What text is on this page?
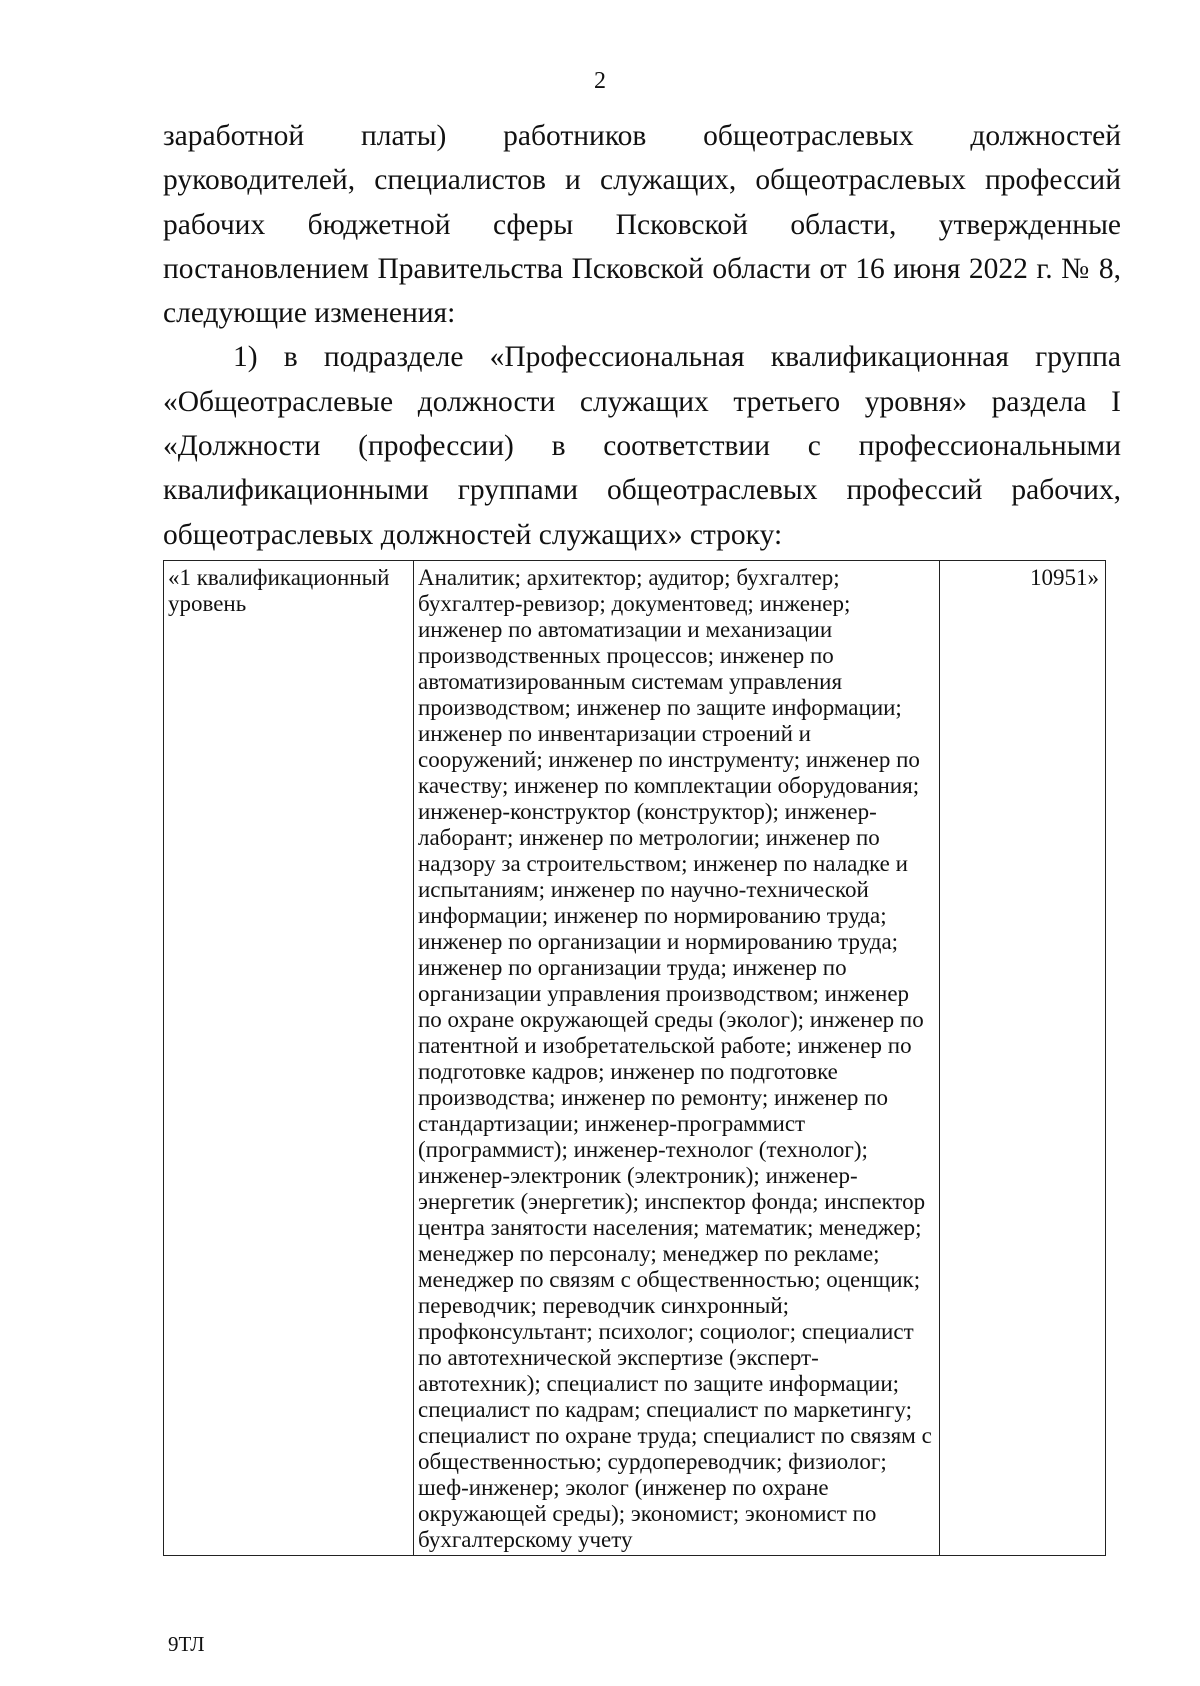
2

заработной платы) работников общеотраслевых должностей руководителей, специалистов и служащих, общеотраслевых профессий рабочих бюджетной сферы Псковской области, утвержденные постановлением Правительства Псковской области от 16 июня 2022 г. № 8, следующие изменения:

1) в подразделе «Профессиональная квалификационная группа «Общеотраслевые должности служащих третьего уровня» раздела I «Должности (профессии) в соответствии с профессиональными квалификационными группами общеотраслевых профессий рабочих, общеотраслевых должностей служащих» строку:

«1 квалификационный уровень	Аналитик; архитектор; аудитор; бухгалтер; бухгалтер-ревизор; документовед; инженер; инженер по автоматизации и механизации производственных процессов; инженер по автоматизированным системам управления производством; инженер по защите информации; инженер по инвентаризации строений и сооружений; инженер по инструменту; инженер по качеству; инженер по комплектации оборудования; инженер-конструктор (конструктор); инженер-лаборант; инженер по метрологии; инженер по надзору за строительством; инженер по наладке и испытаниям; инженер по научно-технической информации; инженер по нормированию труда; инженер по организации и нормированию труда; инженер по организации труда; инженер по организации управления производством; инженер по охране окружающей среды (эколог); инженер по патентной и изобретательской работе; инженер по подготовке кадров; инженер по подготовке производства; инженер по ремонту; инженер по стандартизации; инженер-программист (программист); инженер-технолог (технолог); инженер-электроник (электроник); инженер-энергетик (энергетик); инспектор фонда; инспектор центра занятости населения; математик; менеджер; менеджер по персоналу; менеджер по рекламе; менеджер по связям с общественностью; оценщик; переводчик; переводчик синхронный; профконсультант; психолог; социолог; специалист по автотехнической экспертизе (эксперт-автотехник); специалист по защите информации; специалист по кадрам; специалист по маркетингу; специалист по охране труда; специалист по связям с общественностью; сурдопереводчик; физиолог; шеф-инженер; эколог (инженер по охране окружающей среды); экономист; экономист по бухгалтерскому учету	10951»
9ТЛ
